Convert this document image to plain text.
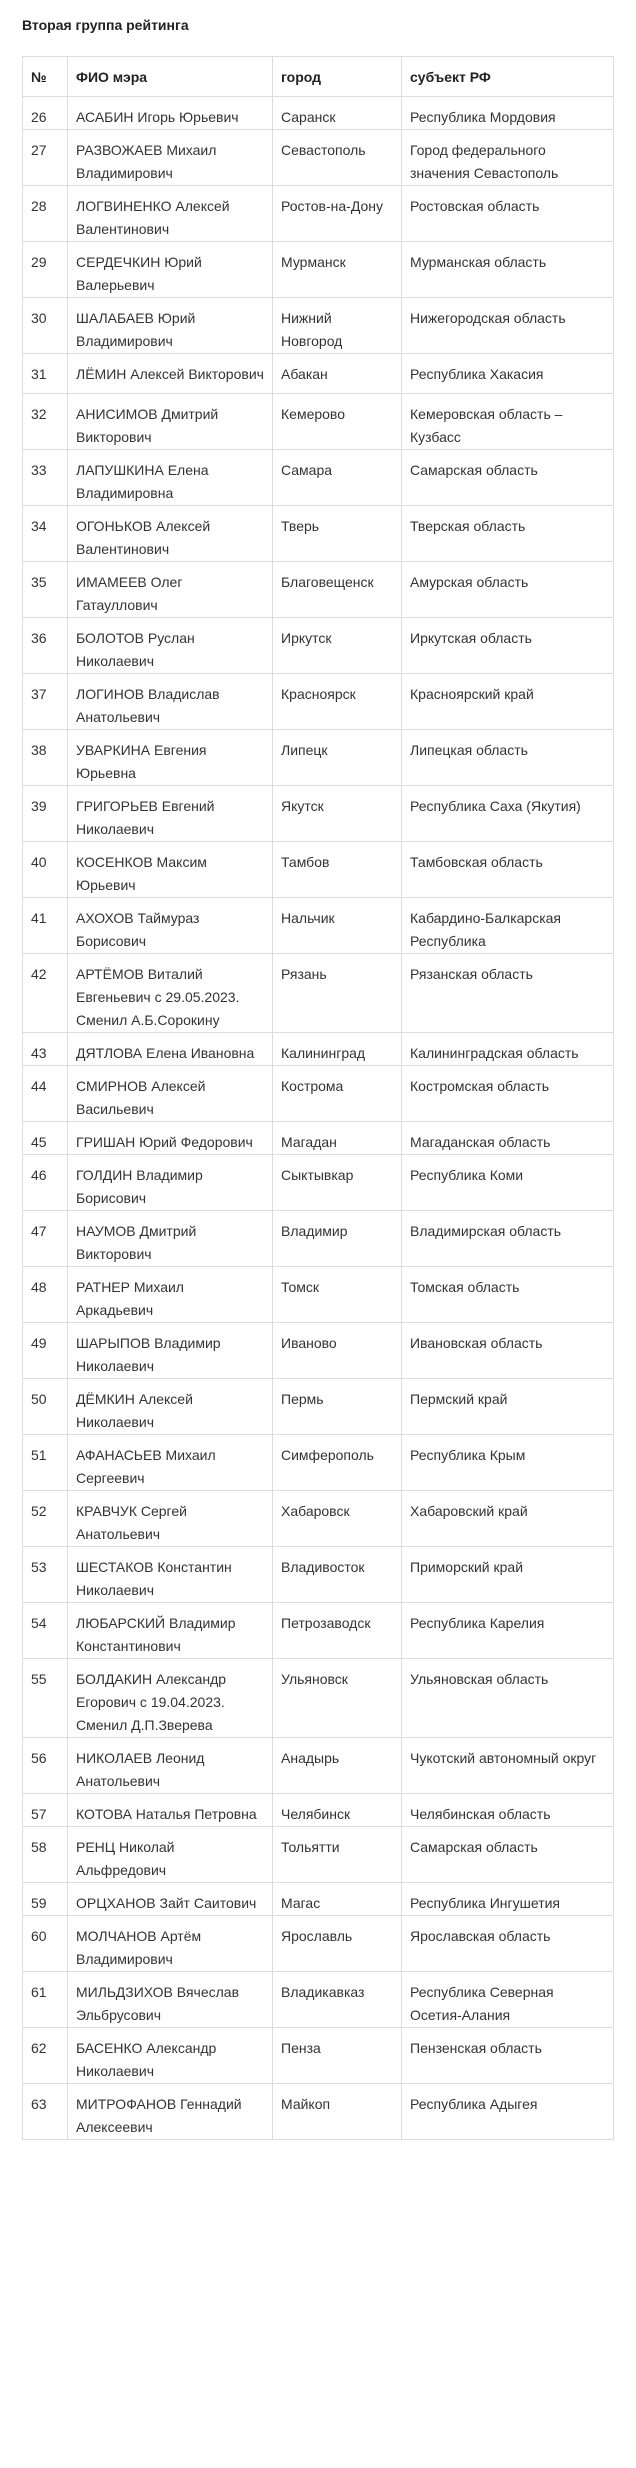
Вторая группа рейтинга
№	ФИО мэра	город	субъект РФ
26	АСАБИН Игорь Юрьевич	Саранск	Республика Мордовия
27	РАЗВОЖАЕВ Михаил Владимирович	Севастополь	Город федерального значения Севастополь
28	ЛОГВИНЕНКО Алексей Валентинович	Ростов-на-Дону	Ростовская область
29	СЕРДЕЧКИН Юрий Валерьевич	Мурманск	Мурманская область
30	ШАЛАБАЕВ Юрий Владимирович	Нижний Новгород	Нижегородская область
31	ЛЁМИН Алексей Викторович	Абакан	Республика Хакасия
32	АНИСИМОВ Дмитрий Викторович	Кемерово	Кемеровская область – Кузбасс
33	ЛАПУШКИНА Елена Владимировна	Самара	Самарская область
34	ОГОНЬКОВ Алексей Валентинович	Тверь	Тверская область
35	ИМАМЕЕВ Олег Гатауллович	Благовещенск	Амурская область
36	БОЛОТОВ Руслан Николаевич	Иркутск	Иркутская область
37	ЛОГИНОВ Владислав Анатольевич	Красноярск	Красноярский край
38	УВАРКИНА Евгения Юрьевна	Липецк	Липецкая область
39	ГРИГОРЬЕВ Евгений Николаевич	Якутск	Республика Саха (Якутия)
40	КОСЕНКОВ Максим Юрьевич	Тамбов	Тамбовская область
41	АХОХОВ Таймураз Борисович	Нальчик	Кабардино-Балкарская Республика
42	АРТЁМОВ Виталий Евгеньевич с 29.05.2023. Сменил А.Б.Сорокину	Рязань	Рязанская область
43	ДЯТЛОВА Елена Ивановна	Калининград	Калининградская область
44	СМИРНОВ Алексей Васильевич	Кострома	Костромская область
45	ГРИШАН Юрий Федорович	Магадан	Магаданская область
46	ГОЛДИН Владимир Борисович	Сыктывкар	Республика Коми
47	НАУМОВ Дмитрий Викторович	Владимир	Владимирская область
48	РАТНЕР Михаил Аркадьевич	Томск	Томская область
49	ШАРЫПОВ Владимир Николаевич	Иваново	Ивановская область
50	ДЁМКИН Алексей Николаевич	Пермь	Пермский край
51	АФАНАСЬЕВ Михаил Сергеевич	Симферополь	Республика Крым
52	КРАВЧУК Сергей Анатольевич	Хабаровск	Хабаровский край
53	ШЕСТАКОВ Константин Николаевич	Владивосток	Приморский край
54	ЛЮБАРСКИЙ Владимир Константинович	Петрозаводск	Республика Карелия
55	БОЛДАКИН Александр Егорович с 19.04.2023. Сменил Д.П.Зверева	Ульяновск	Ульяновская область
56	НИКОЛАЕВ Леонид Анатольевич	Анадырь	Чукотский автономный округ
57	КОТОВА Наталья Петровна	Челябинск	Челябинская область
58	РЕНЦ Николай Альфредович	Тольятти	Самарская область
59	ОРЦХАНОВ Зайт Саитович	Магас	Республика Ингушетия
60	МОЛЧАНОВ Артём Владимирович	Ярославль	Ярославская область
61	МИЛЬДЗИХОВ Вячеслав Эльбрусович	Владикавказ	Республика Северная Осетия-Алания
62	БАСЕНКО Александр Николаевич	Пенза	Пензенская область
63	МИТРОФАНОВ Геннадий Алексеевич	Майкоп	Республика Адыгея
